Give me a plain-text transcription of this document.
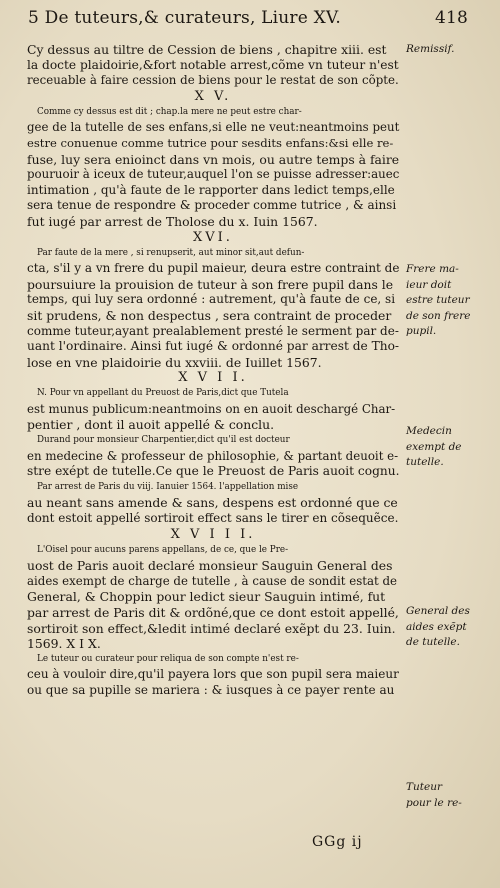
5 De tuteurs,& curateurs, Liure XV.	418
Cy dessus au tiltre de Cession de biens , chapitre xiii. est
la docte plaidoirie,&fort notable arrest,cõme vn tuteur n'est
receuable à faire cession de biens pour le restat de son cõpte.
X V.
Comme cy dessus est dit ; chap.la mere ne peut estre char-
gee de la tutelle de ses enfans,si elle ne veut:neantmoins peut
estre conuenue comme tutrice pour sesdits enfans:&si elle re-
fuse, luy sera enioinct dans vn mois, ou autre temps à faire
pouruoir à iceux de tuteur,auquel l'on se puisse adresser:auec
intimation , qu'à faute de le rapporter dans ledict temps,elle
sera tenue de respondre & proceder comme tutrice , & ainsi
fut iugé par arrest de Tholose du x. Iuin 1567.
XVI.
Par faute de la mere , si renupserit, aut minor sit,aut defun-
cta, s'il y a vn frere du pupil maieur, deura estre contraint de
poursuiure la prouision de tuteur à son frere pupil dans le
temps, qui luy sera ordonné : autrement, qu'à faute de ce, si
sit prudens, & non despectus , sera contraint de proceder
comme tuteur,ayant prealablement presté le serment par de-
uant l'ordinaire. Ainsi fut iugé & ordonné par arrest de Tho-
lose en vne plaidoirie du xxviii. de Iuillet 1567.
X V I I.
N. Pour vn appellant du Preuost de Paris,dict que Tutela
est munus publicum:neantmoins on en auoit deschargé Char-
pentier , dont il auoit appellé & conclu.
Durand pour monsieur Charpentier,dict qu'il est docteur
en medecine & professeur de philosophie, & partant deuoit e-
stre exépt de tutelle.Ce que le Preuost de Paris auoit cognu.
Par arrest de Paris du viij. Ianuier 1564. l'appellation mise
au neant sans amende & sans, despens est ordonné que ce
dont estoit appellé sortiroit effect sans le tirer en cõsequẽce.
X V I I I.
L'Oisel pour aucuns parens appellans, de ce, que le Pre-
uost de Paris auoit declaré monsieur Sauguin General des
aides exempt de charge de tutelle , à cause de sondit estat de
General, & Choppin pour ledict sieur Sauguin intimé, fut
par arrest de Paris dit & ordõné,que ce dont estoit appellé,
sortiroit son effect,&ledit intimé declaré exẽpt du 23. Iuin.
1569. X I X.
Le tuteur ou curateur pour reliqua de son compte n'est re-
ceu à vouloir dire,qu'il payera lors que son pupil sera maieur
ou que sa pupille se mariera : & iusques à ce payer rente au
Remissif.
Frere ma-
ieur doit
estre tuteur
de son frere
pupil.
Medecin
exempt de
tutelle.
General des
aides exẽpt
de tutelle.
Tuteur
pour le re-
GGg ij
